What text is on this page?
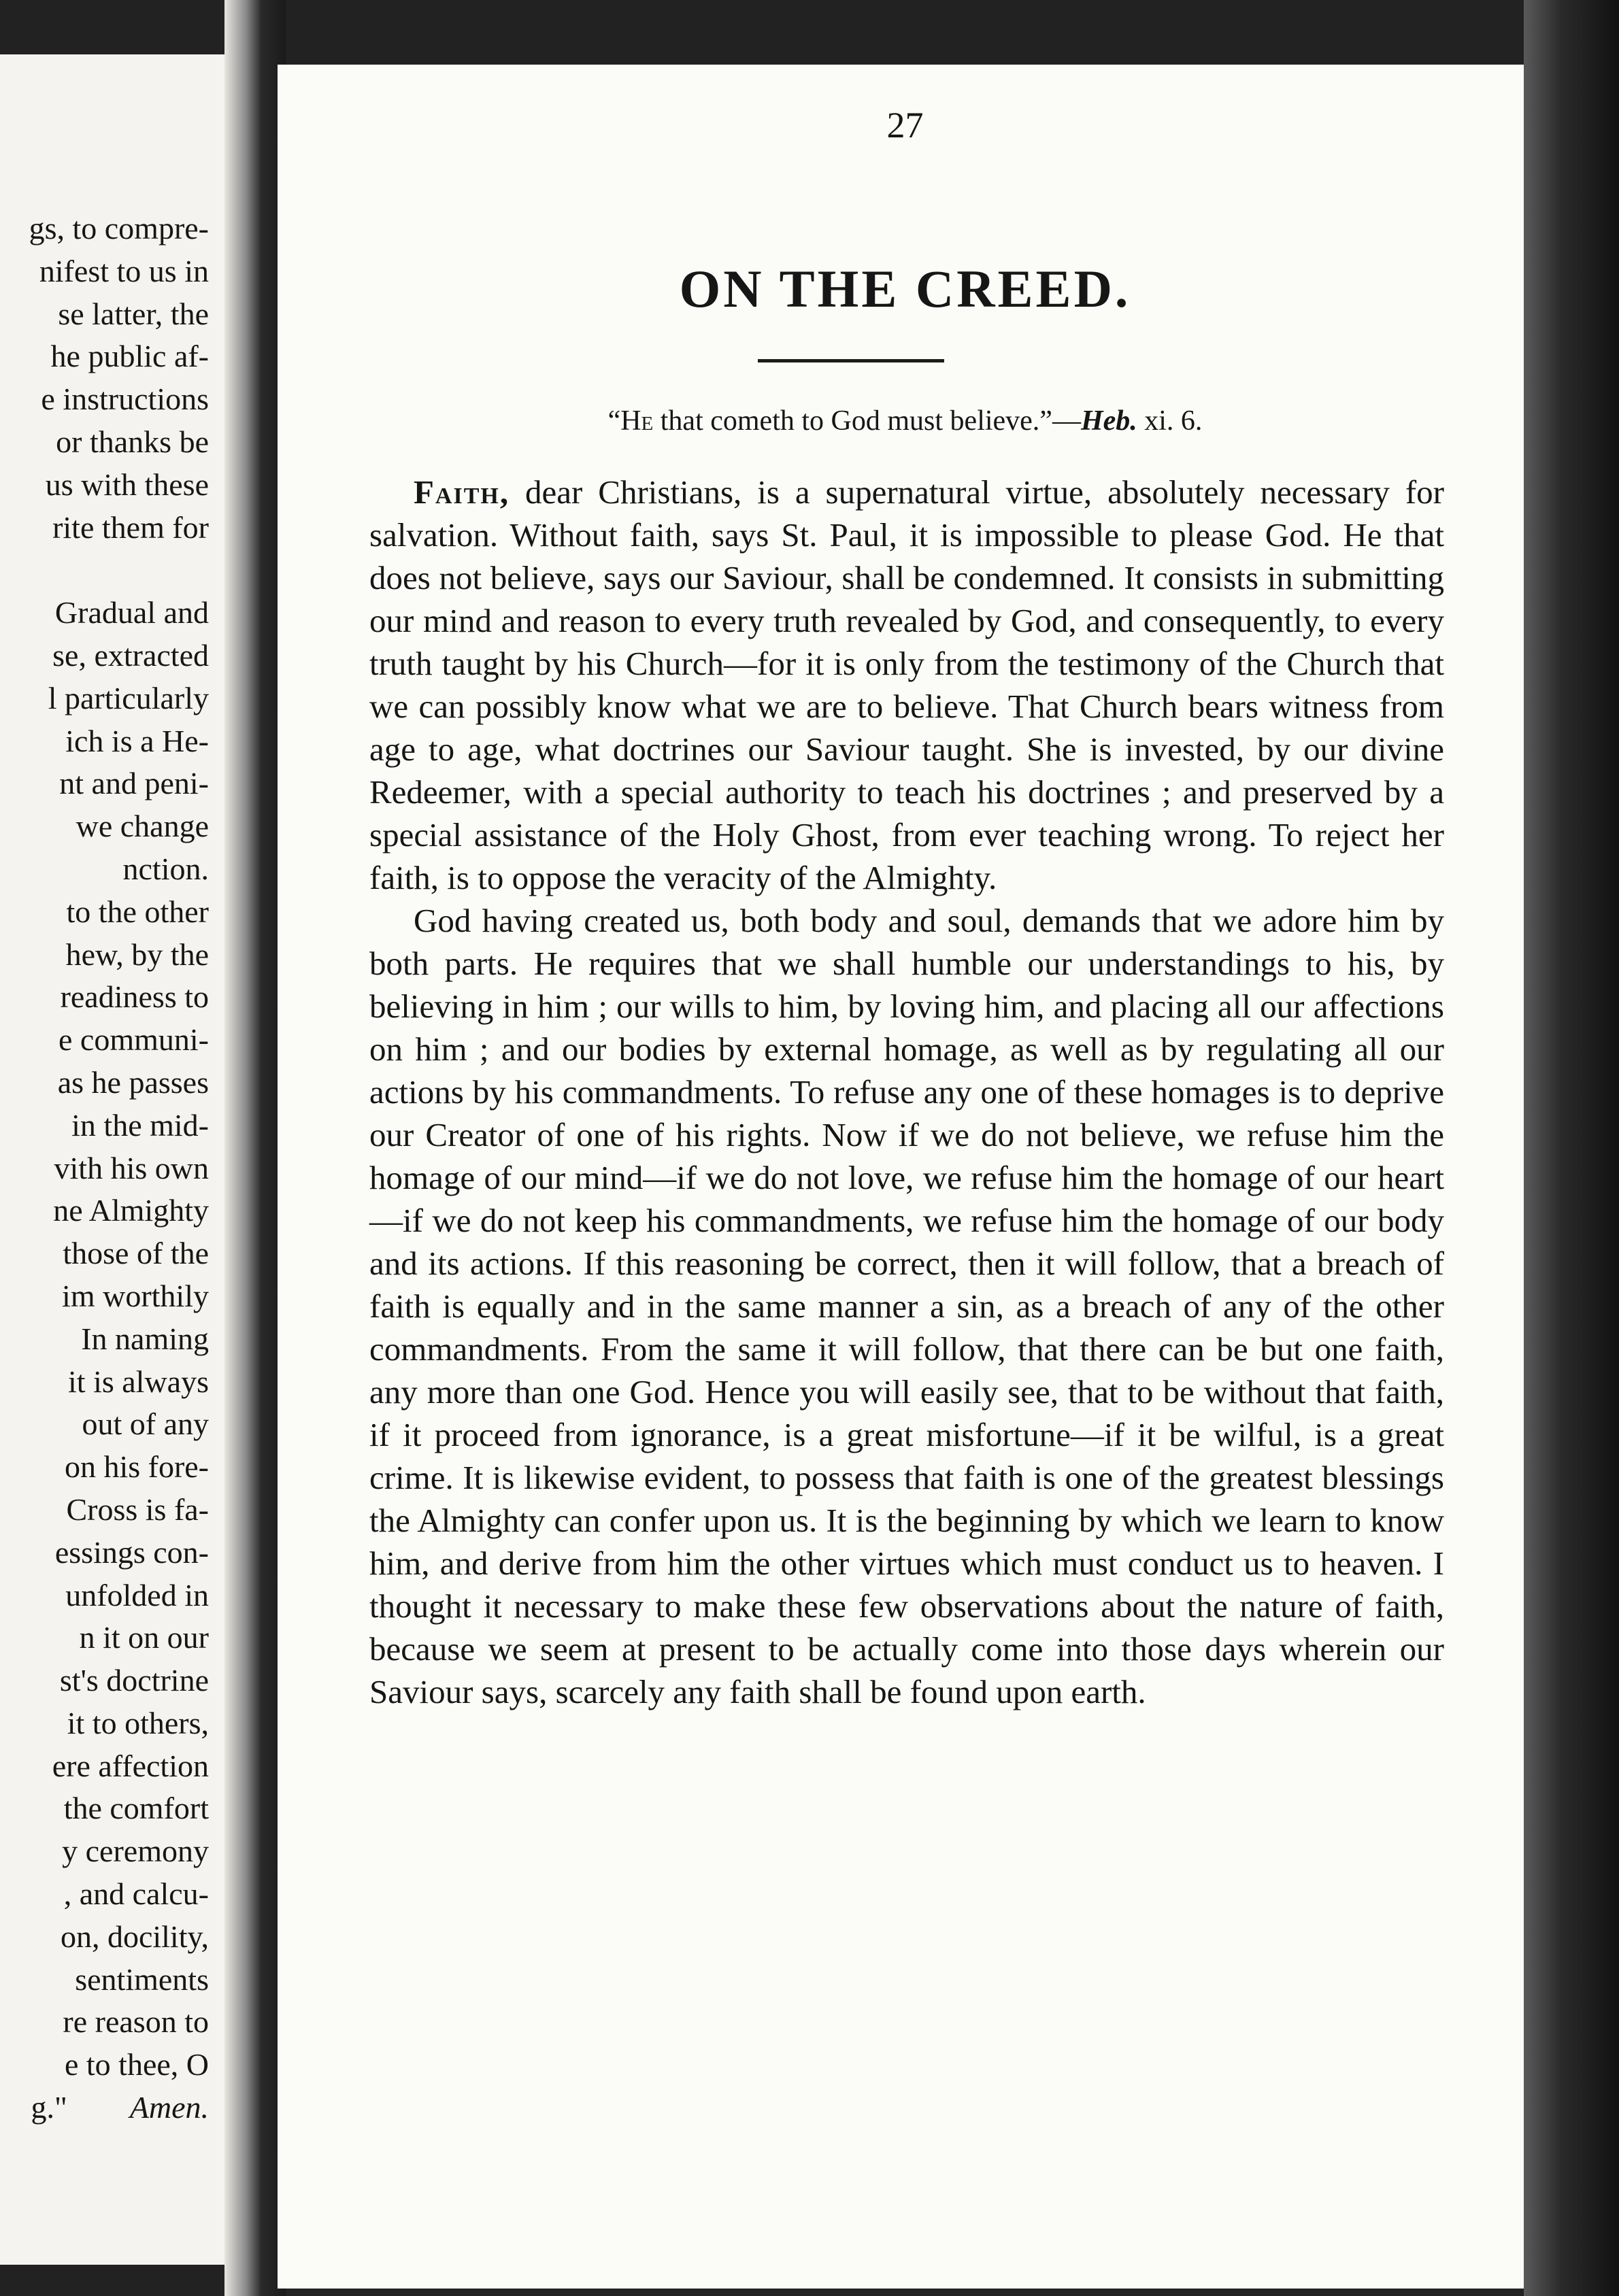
gs, to compre-
nifest to us in
se latter, the
he public af-
e instructions
or thanks be
us with these
rite them for
Gradual and
se, extracted
l particularly
ich is a He-
nt and peni-
we change
nction.
to the other
hew, by the
readiness to
e communi-
as he passes
in the mid-
vith his own
ne Almighty
those of the
im worthily
In naming
it is always
out of any
on his fore-
Cross is fa-
essings con-
unfolded in
n it on our
st's doctrine
it to others,
ere affection
the comfort
y ceremony
, and calcu-
on, docility,
sentiments
re reason to
e to thee, O
g."   Amen.
27
ON THE CREED.
“He that cometh to God must believe.”—Heb. xi. 6.

Faith, dear Christians, is a supernatural virtue, absolutely necessary for salvation. Without faith, says St. Paul, it is impossible to please God. He that does not believe, says our Saviour, shall be condemned. It consists in submitting our mind and reason to every truth revealed by God, and consequently, to every truth taught by his Church—for it is only from the testimony of the Church that we can possibly know what we are to believe. That Church bears witness from age to age, what doctrines our Saviour taught. She is invested, by our divine Redeemer, with a special authority to teach his doctrines ; and preserved by a special assistance of the Holy Ghost, from ever teaching wrong. To reject her faith, is to oppose the veracity of the Almighty.

God having created us, both body and soul, demands that we adore him by both parts. He requires that we shall humble our understandings to his, by believing in him ; our wills to him, by loving him, and placing all our affections on him ; and our bodies by external homage, as well as by regulating all our actions by his commandments. To refuse any one of these homages is to deprive our Creator of one of his rights. Now if we do not believe, we refuse him the homage of our mind—if we do not love, we refuse him the homage of our heart—if we do not keep his commandments, we refuse him the homage of our body and its actions. If this reasoning be correct, then it will follow, that a breach of faith is equally and in the same manner a sin, as a breach of any of the other commandments. From the same it will follow, that there can be but one faith, any more than one God. Hence you will easily see, that to be without that faith, if it proceed from ignorance, is a great misfortune—if it be wilful, is a great crime. It is likewise evident, to possess that faith is one of the greatest blessings the Almighty can confer upon us. It is the beginning by which we learn to know him, and derive from him the other virtues which must conduct us to heaven. I thought it necessary to make these few observations about the nature of faith, because we seem at present to be actually come into those days wherein our Saviour says, scarcely any faith shall be found upon earth.
